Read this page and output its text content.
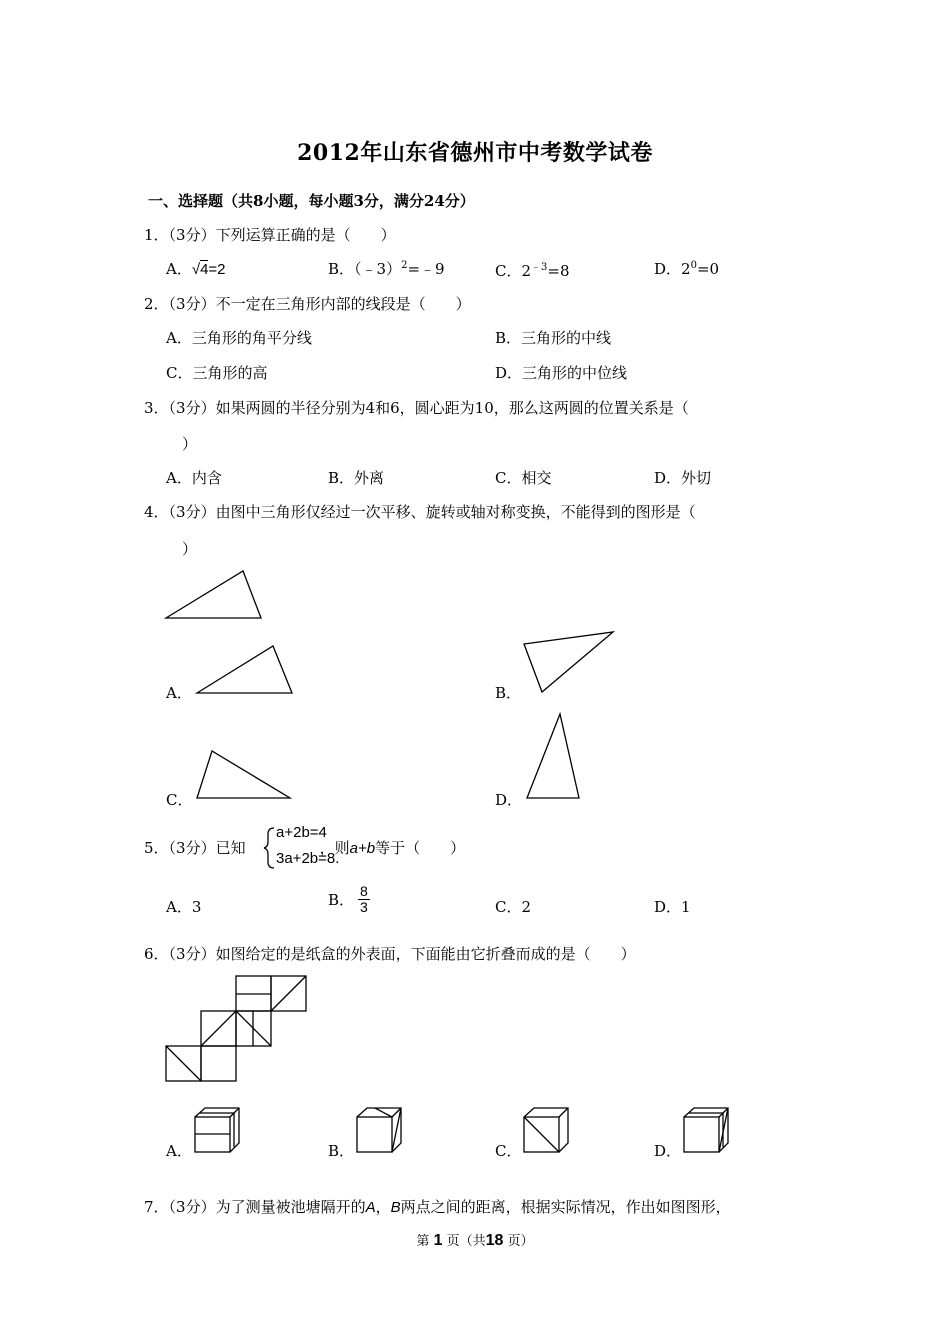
2012年山东省德州市中考数学试卷
一、选择题（共8小题，每小题3分，满分24分）
1．（3分）下列运算正确的是（　　）
A．√4=2	B．（﹣3）$^2$=﹣9	C．$2^{﹣3}=8$	D．$2^0=0$
2．（3分）不一定在三角形内部的线段是（　　）
A．三角形的角平分线	B．三角形的中线
C．三角形的高	D．三角形的中位线
3．（3分）如果两圆的半径分别为4和6，圆心距为10，那么这两圆的位置关系是（
）
A．内含	B．外离	C．相交	D．外切
4．（3分）由图中三角形仅经过一次平移、旋转或轴对称变换，不能得到的图形是（
）
A．	B．
C．	D．
5．（3分）已知	，则a+b等于（　　）
a+2b=4
3a+2b=8.
A．3	B． $\frac{8}{3}$	C．2	D．1
6．（3分）如图给定的是纸盒的外表面，下面能由它折叠而成的是（　　）
A．	B．	C．	D．
7．（3分）为了测量被池塘隔开的A，B两点之间的距离，根据实际情况，作出如图图形，
第 1 页（共18 页）
